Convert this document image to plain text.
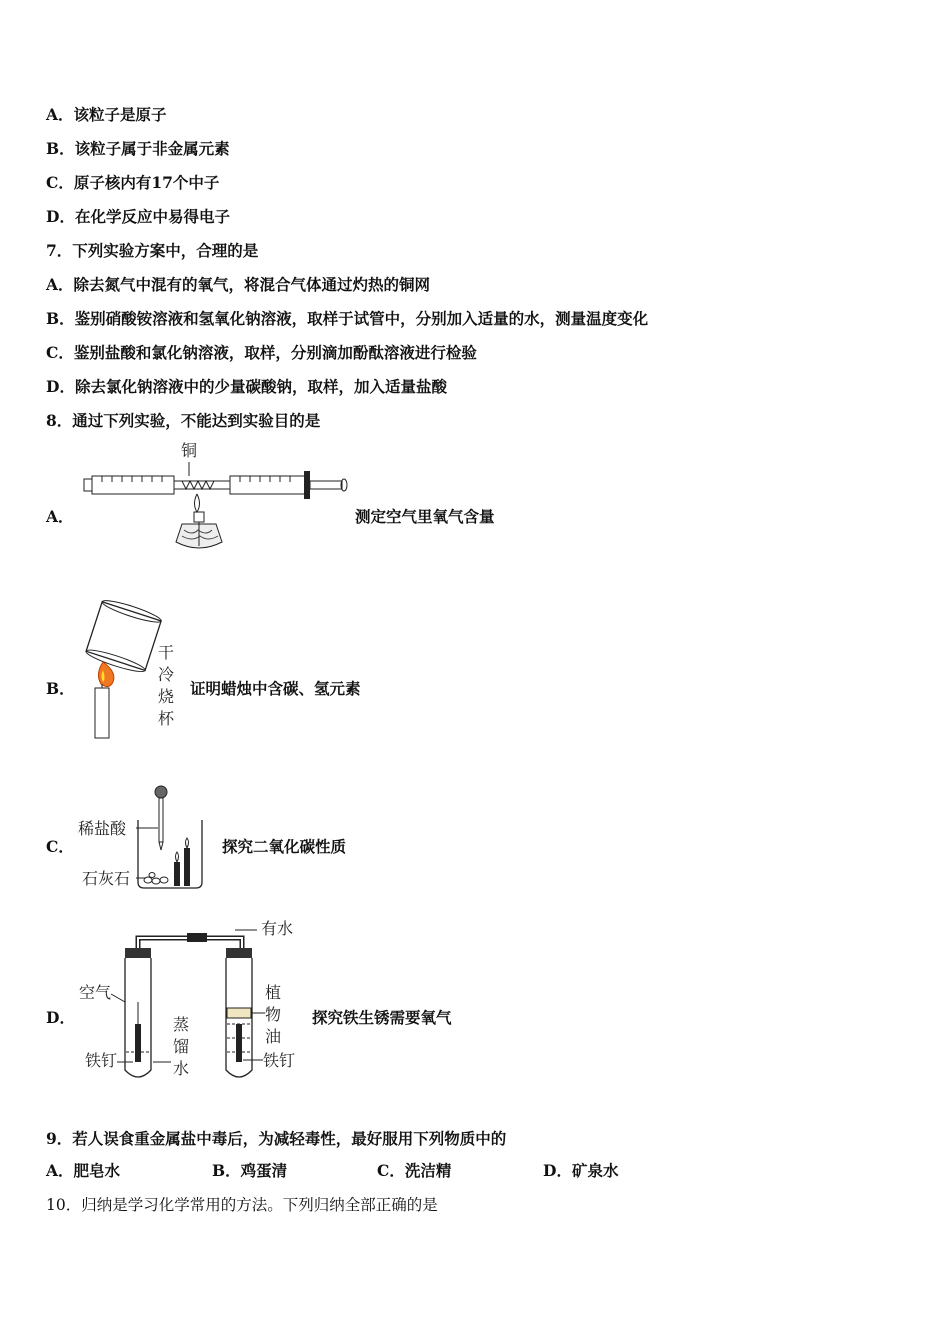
A．该粒子是原子
B．该粒子属于非金属元素
C．原子核内有17个中子
D．在化学反应中易得电子
7．下列实验方案中，合理的是
A．除去氮气中混有的氧气，将混合气体通过灼热的铜网
B．鉴别硝酸铵溶液和氢氧化钠溶液，取样于试管中，分别加入适量的水，测量温度变化
C．鉴别盐酸和氯化钠溶液，取样，分别滴加酚酞溶液进行检验
D．除去氯化钠溶液中的少量碳酸钠，取样，加入适量盐酸
8．通过下列实验，不能达到实验目的是
A．
铜
测定空气里氧气含量
B．
干
冷
烧
杯
证明蜡烛中含碳、氢元素
C．
稀盐酸
石灰石
探究二氧化碳性质
D．
有水
空气
蒸
馏
水
铁钉
植
物
油
铁钉
探究铁生锈需要氧气
9．若人误食重金属盐中毒后，为减轻毒性，最好服用下列物质中的
A．肥皂水	B．鸡蛋清	C．洗洁精	D．矿泉水
10．归纳是学习化学常用的方法。下列归纳全部正确的是
